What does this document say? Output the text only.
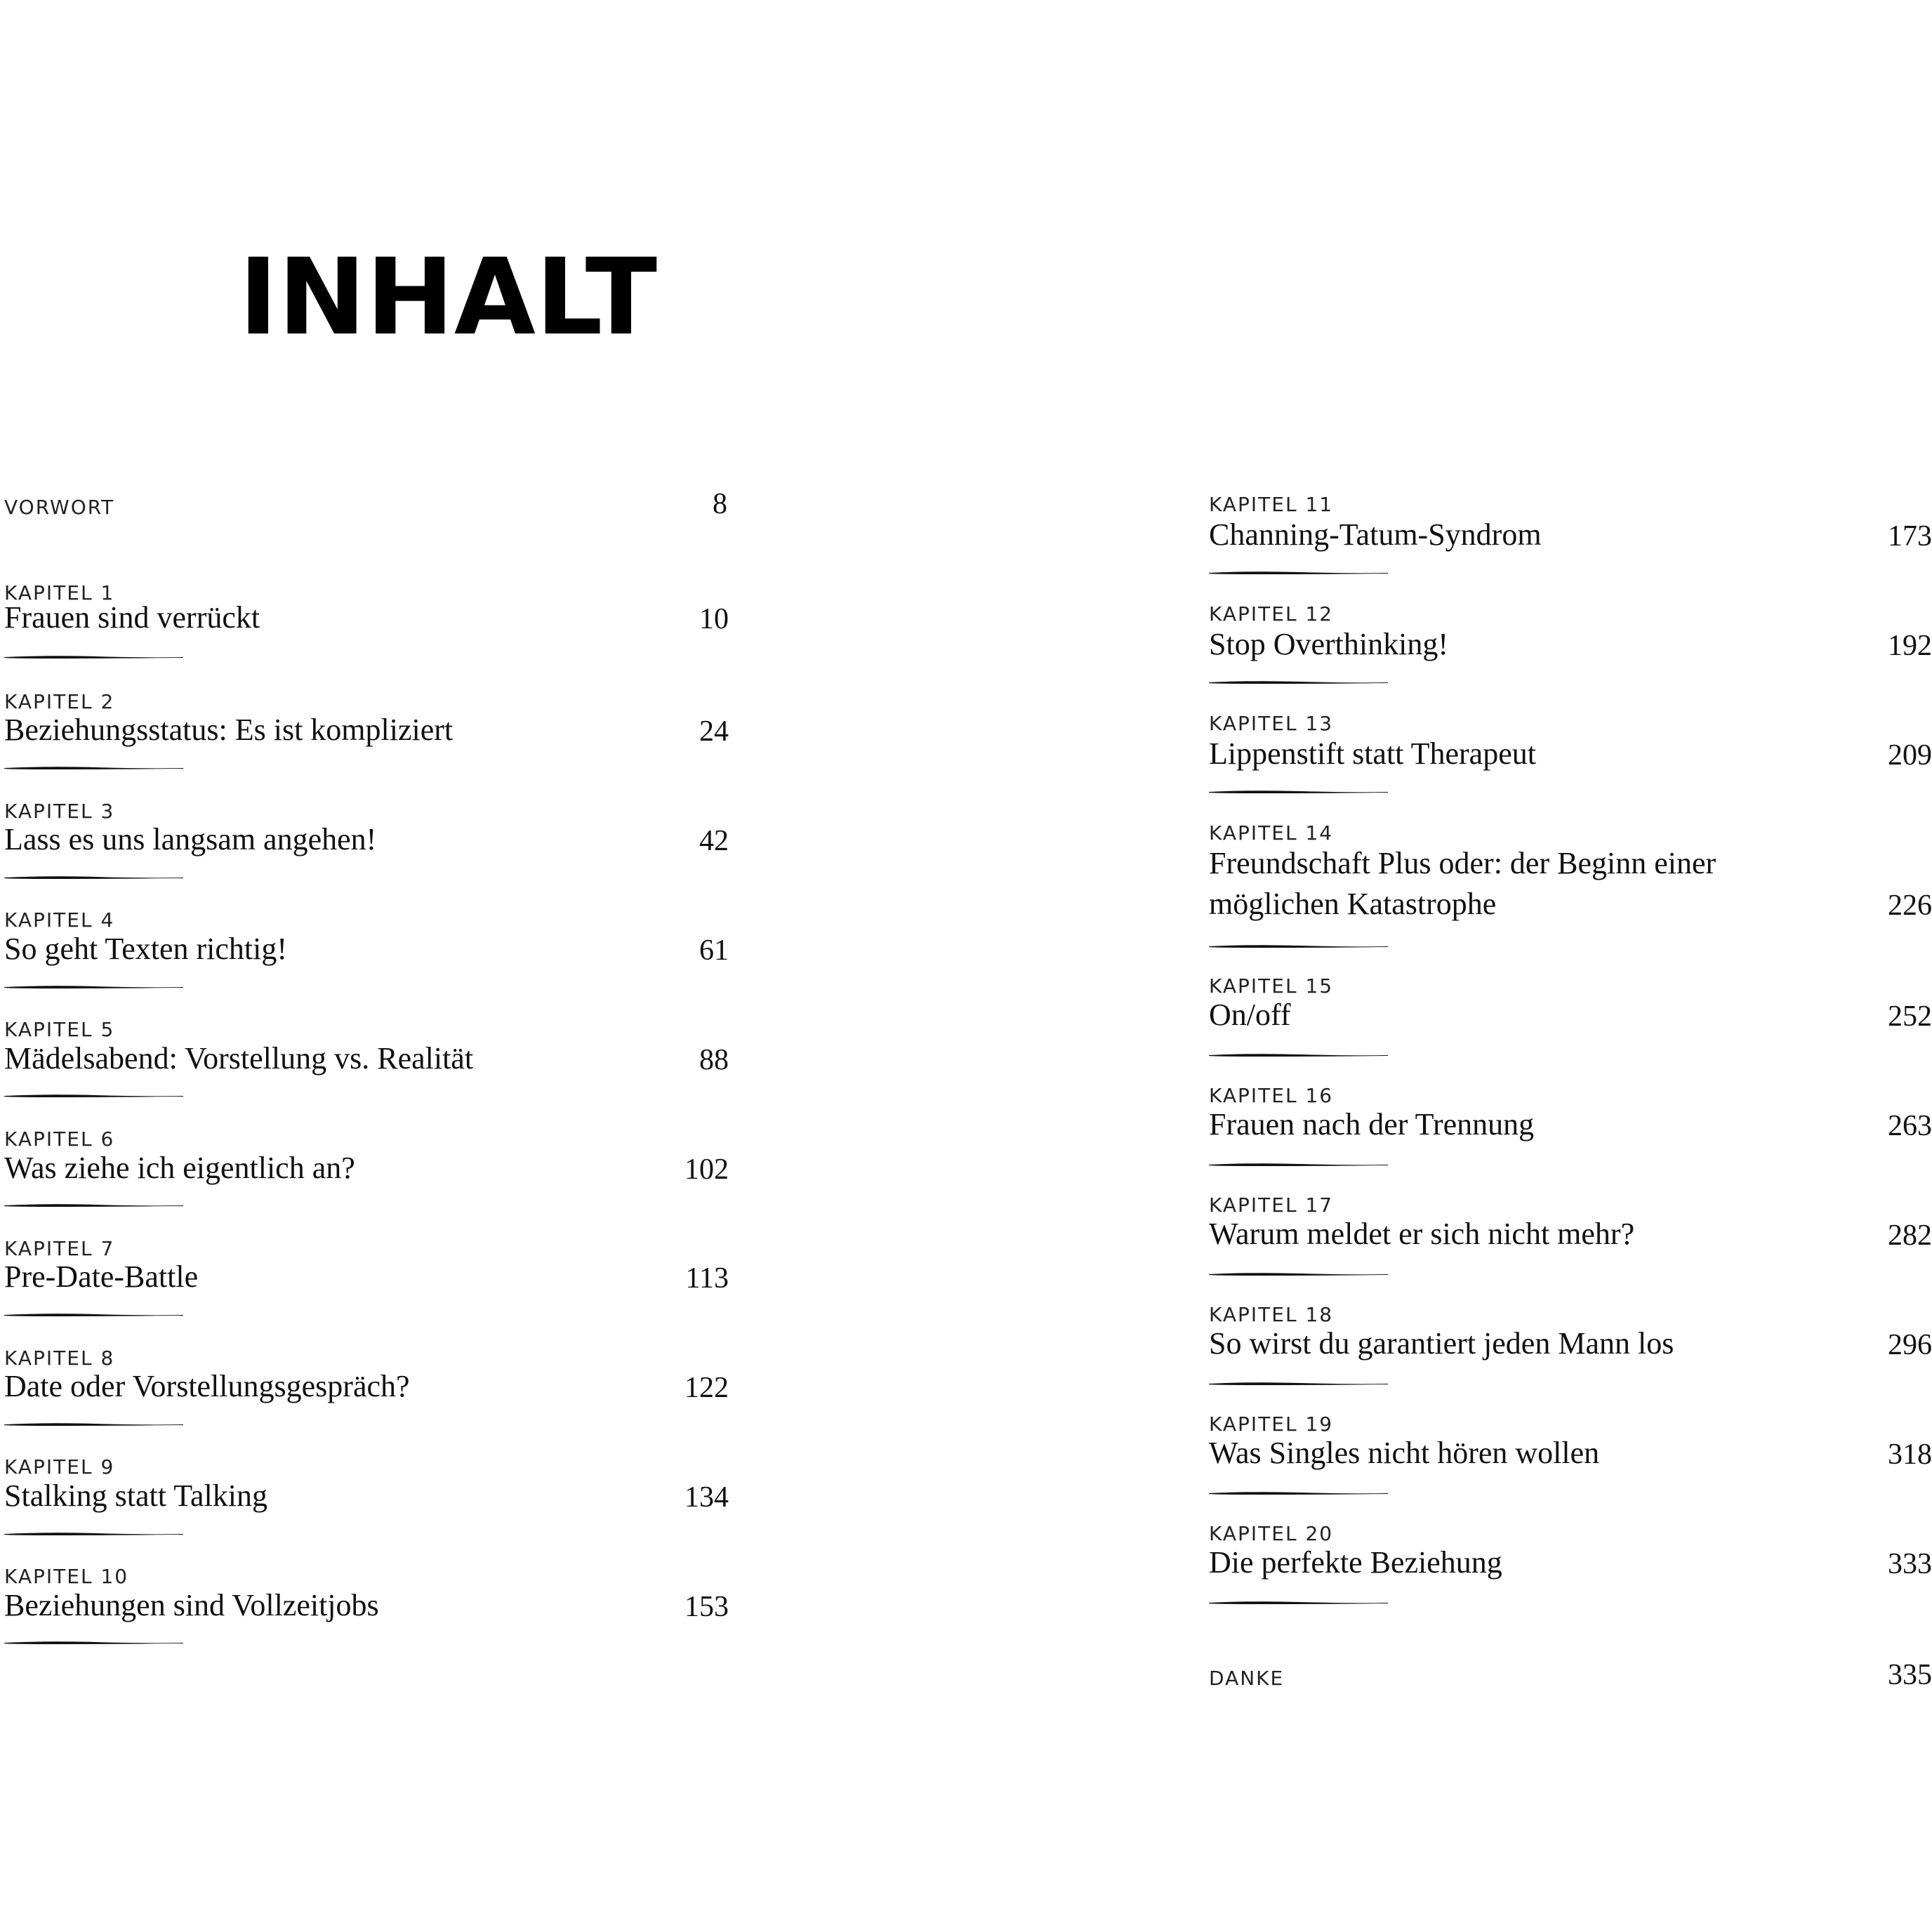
INHALT
VORWORT	8
KAPITEL 1
Frauen sind verrückt	10
KAPITEL 2
Beziehungsstatus: Es ist kompliziert	24
KAPITEL 3
Lass es uns langsam angehen!	42
KAPITEL 4
So geht Texten richtig!	61
KAPITEL 5
Mädelsabend: Vorstellung vs. Realität	88
KAPITEL 6
Was ziehe ich eigentlich an?	102
KAPITEL 7
Pre-Date-Battle	113
KAPITEL 8
Date oder Vorstellungsgespräch?	122
KAPITEL 9
Stalking statt Talking	134
KAPITEL 10
Beziehungen sind Vollzeitjobs	153
KAPITEL 11
Channing-Tatum-Syndrom	173
KAPITEL 12
Stop Overthinking!	192
KAPITEL 13
Lippenstift statt Therapeut	209
KAPITEL 14
Freundschaft Plus oder: der Beginn einer
möglichen Katastrophe	226
KAPITEL 15
On/off	252
KAPITEL 16
Frauen nach der Trennung	263
KAPITEL 17
Warum meldet er sich nicht mehr?	282
KAPITEL 18
So wirst du garantiert jeden Mann los	296
KAPITEL 19
Was Singles nicht hören wollen	318
KAPITEL 20
Die perfekte Beziehung	333
DANKE	335
